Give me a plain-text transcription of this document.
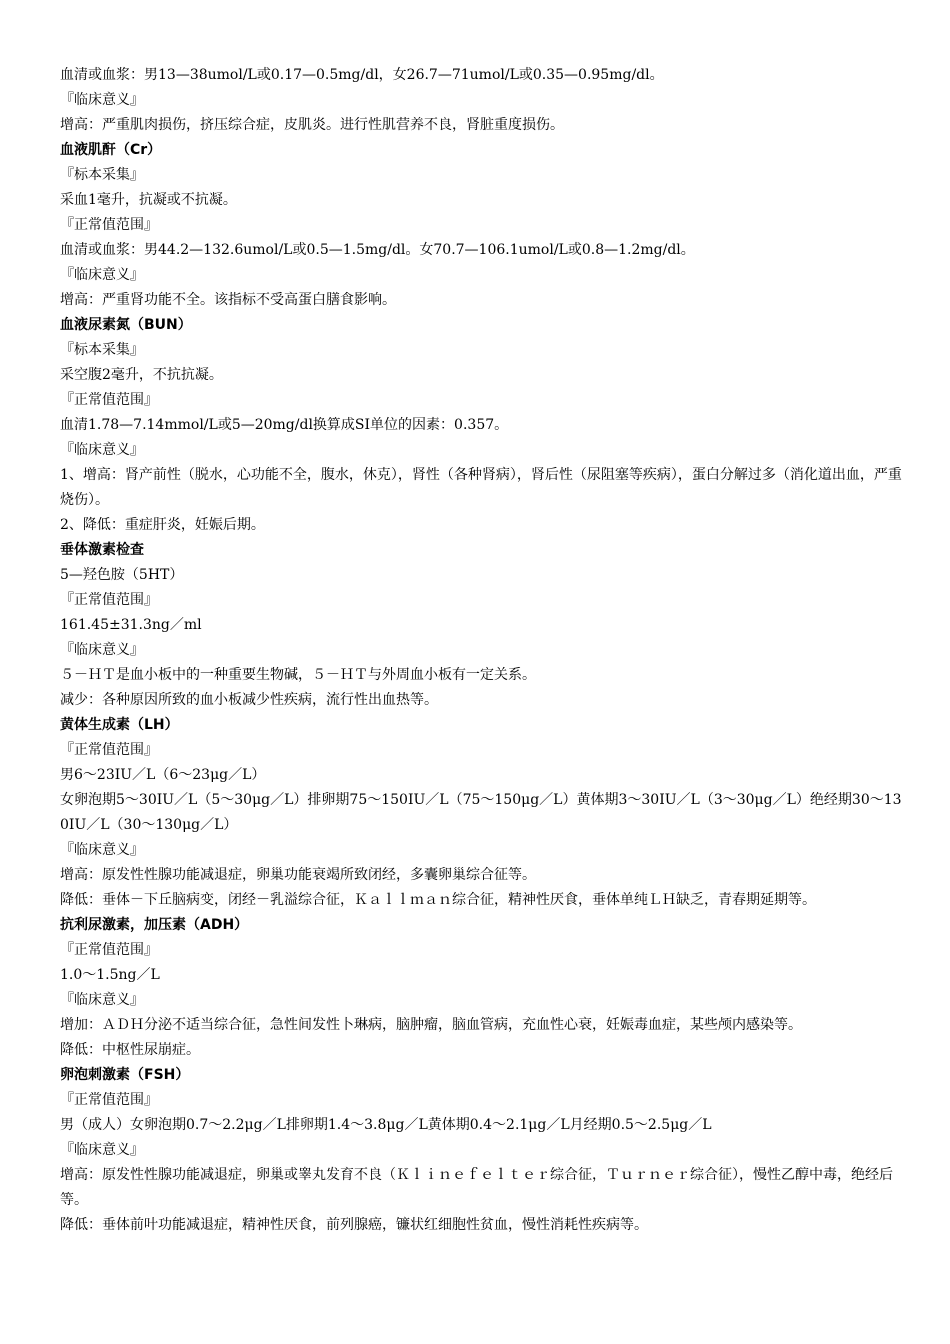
血清或血浆：男13—38umol/L或0.17—0.5mg/dl，女26.7—71umol/L或0.35—0.95mg/dl。

『临床意义』

增高：严重肌肉损伤，挤压综合症，皮肌炎。进行性肌营养不良，肾脏重度损伤。

血液肌酐（Cr）

『标本采集』

采血1毫升，抗凝或不抗凝。

『正常值范围』

血清或血浆：男44.2—132.6umol/L或0.5—1.5mg/dl。女70.7—106.1umol/L或0.8—1.2mg/dl。

『临床意义』

增高：严重肾功能不全。该指标不受高蛋白膳食影响。

血液尿素氮（BUN）

『标本采集』

采空腹2毫升，不抗抗凝。

『正常值范围』

血清1.78—7.14mmol/L或5—20mg/dl换算成SI单位的因素：0.357。

『临床意义』

1、增高：肾产前性（脱水，心功能不全，腹水，休克），肾性（各种肾病），肾后性（尿阻塞等疾病），蛋白分解过多（消化道出血，严重烧伤）。

2、降低：重症肝炎，妊娠后期。

垂体激素检查

5—羟色胺（5HT）

『正常值范围』

161.45±31.3ng／ml

『临床意义』

５－ＨＴ是血小板中的一种重要生物碱，５－ＨＴ与外周血小板有一定关系。

减少：各种原因所致的血小板减少性疾病，流行性出血热等。

黄体生成素（LH）

『正常值范围』

男6～23IU／L（6～23μg／L）

女卵泡期5～30IU／L（5～30μg／L）排卵期75～150IU／L（75～150μg／L）黄体期3～30IU／L（3～30μg／L）绝经期30～130IU／L（30～130μg／L）

『临床意义』

增高：原发性性腺功能减退症，卵巢功能衰竭所致闭经，多囊卵巢综合征等。

降低：垂体－下丘脑病变，闭经－乳溢综合征，Ｋａｌｌｍａｎ综合征，精神性厌食，垂体单纯ＬＨ缺乏，青春期延期等。

抗利尿激素，加压素（ADH）

『正常值范围』

1.0～1.5ng／L

『临床意义』

增加：ＡＤＨ分泌不适当综合征，急性间发性卜琳病，脑肿瘤，脑血管病，充血性心衰，妊娠毒血症，某些颅内感染等。

降低：中枢性尿崩症。

卵泡刺激素（FSH）

『正常值范围』

男（成人）女卵泡期0.7～2.2μg／L排卵期1.4～3.8μg／L黄体期0.4～2.1μg／L月经期0.5～2.5μg／L

『临床意义』

增高：原发性性腺功能减退症，卵巢或睾丸发育不良（Ｋｌｉｎｅｆｅｌｔｅｒ综合征，Ｔｕｒｎｅｒ综合征），慢性乙醇中毒，绝经后等。

降低：垂体前叶功能减退症，精神性厌食，前列腺癌，镰状红细胞性贫血，慢性消耗性疾病等。
